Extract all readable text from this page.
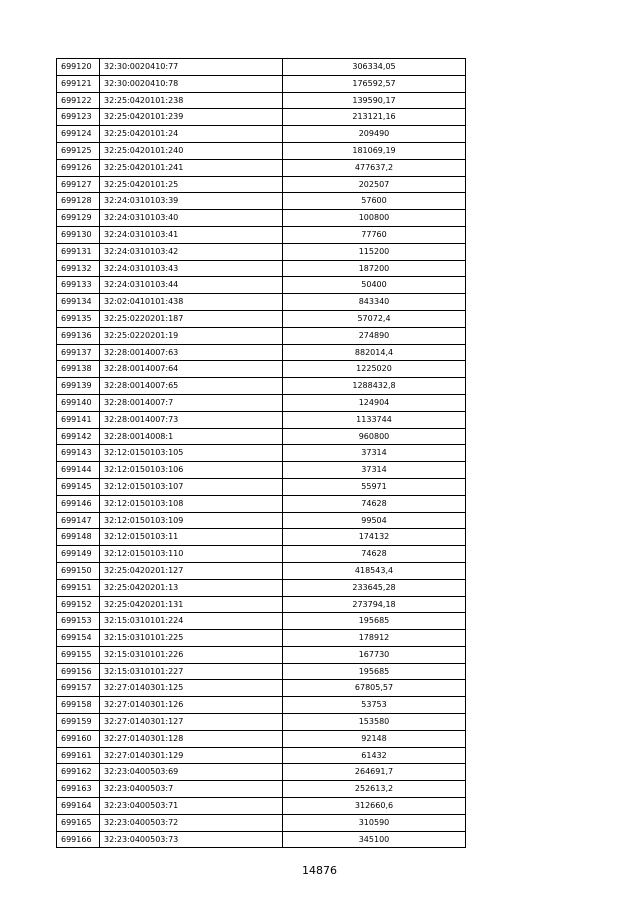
699120	32:30:0020410:77	306334,05
699121	32:30:0020410:78	176592,57
699122	32:25:0420101:238	139590,17
699123	32:25:0420101:239	213121,16
699124	32:25:0420101:24	209490
699125	32:25:0420101:240	181069,19
699126	32:25:0420101:241	477637,2
699127	32:25:0420101:25	202507
699128	32:24:0310103:39	57600
699129	32:24:0310103:40	100800
699130	32:24:0310103:41	77760
699131	32:24:0310103:42	115200
699132	32:24:0310103:43	187200
699133	32:24:0310103:44	50400
699134	32:02:0410101:438	843340
699135	32:25:0220201:187	57072,4
699136	32:25:0220201:19	274890
699137	32:28:0014007:63	882014,4
699138	32:28:0014007:64	1225020
699139	32:28:0014007:65	1288432,8
699140	32:28:0014007:7	124904
699141	32:28:0014007:73	1133744
699142	32:28:0014008:1	960800
699143	32:12:0150103:105	37314
699144	32:12:0150103:106	37314
699145	32:12:0150103:107	55971
699146	32:12:0150103:108	74628
699147	32:12:0150103:109	99504
699148	32:12:0150103:11	174132
699149	32:12:0150103:110	74628
699150	32:25:0420201:127	418543,4
699151	32:25:0420201:13	233645,28
699152	32:25:0420201:131	273794,18
699153	32:15:0310101:224	195685
699154	32:15:0310101:225	178912
699155	32:15:0310101:226	167730
699156	32:15:0310101:227	195685
699157	32:27:0140301:125	67805,57
699158	32:27:0140301:126	53753
699159	32:27:0140301:127	153580
699160	32:27:0140301:128	92148
699161	32:27:0140301:129	61432
699162	32:23:0400503:69	264691,7
699163	32:23:0400503:7	252613,2
699164	32:23:0400503:71	312660,6
699165	32:23:0400503:72	310590
699166	32:23:0400503:73	345100
14876
